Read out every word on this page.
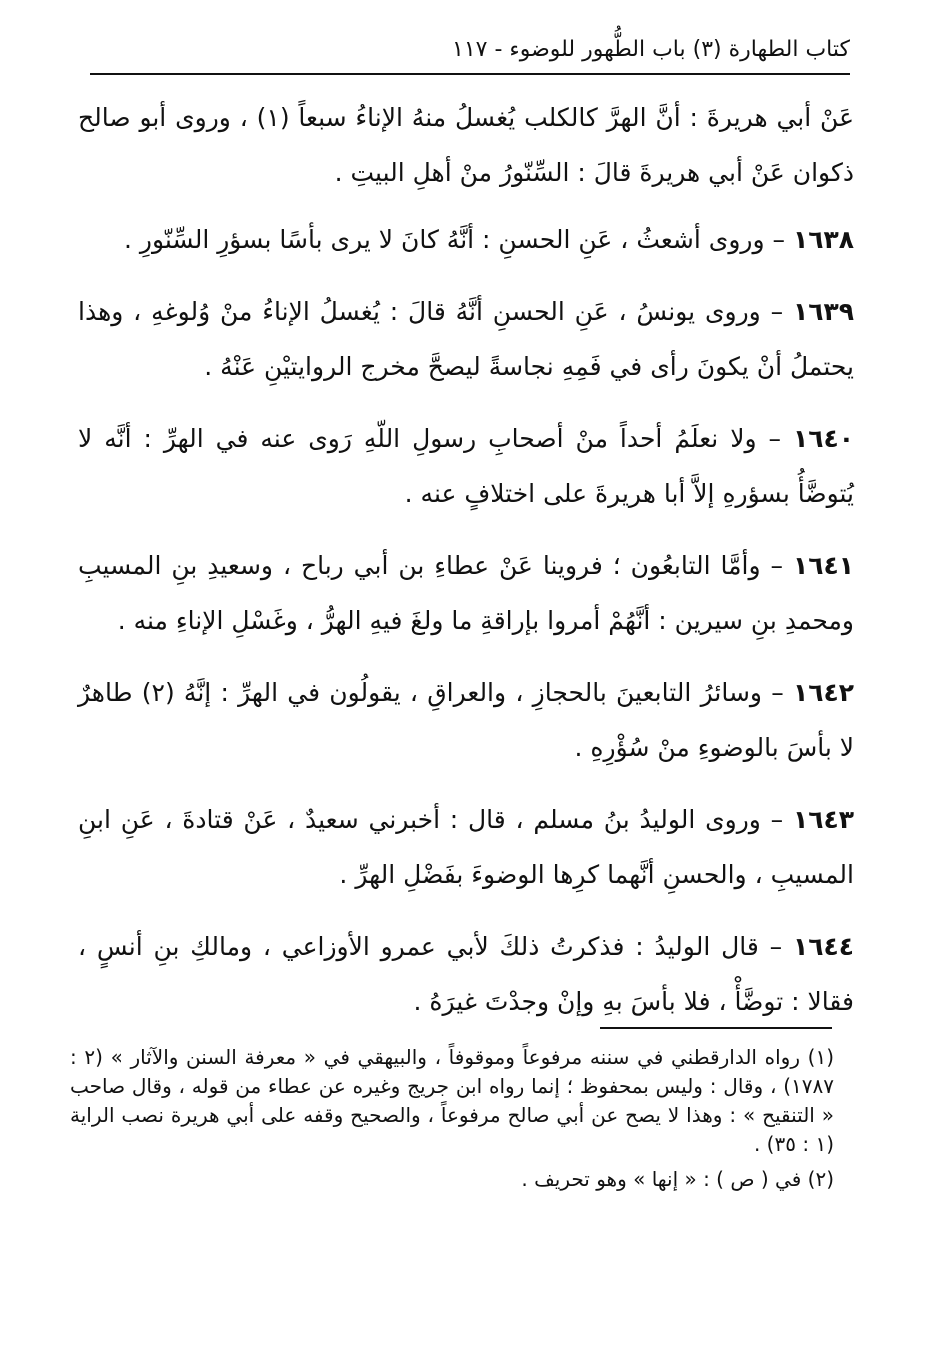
كتاب الطهارة (٣) باب الطُّهور للوضوء - ١١٧

عَنْ أبي هريرةَ : أنَّ الهرَّ كالكلب يُغسلُ منهُ الإناءُ سبعاً (١) ، وروى أبو صالح ذكوان عَنْ أبي هريرةَ قالَ : السِّنّورُ منْ أهلِ البيتِ .

١٦٣٨ – وروى أشعثُ ، عَنِ الحسنِ : أنَّهُ كانَ لا يرى بأسًا بسؤرِ السِّنّورِ .

١٦٣٩ – وروى يونسُ ، عَنِ الحسنِ أنَّهُ قالَ : يُغسلُ الإناءُ منْ وُلوغهِ ، وهذا يحتملُ أنْ يكونَ رأى في فَمِهِ نجاسةً ليصحَّ مخرج الروايتيْنِ عَنْهُ .

١٦٤٠ – ولا نعلَمُ أحداً منْ أصحابِ رسولِ اللّهِ رَوى عنه في الهرِّ : أنَّه لا يُتوضَّأُ بسؤرهِ إلاَّ أبا هريرةَ على اختلافٍ عنه .

١٦٤١ – وأمَّا التابعُون ؛ فروينا عَنْ عطاءِ بن أبي رباح ، وسعيدِ بنِ المسيبِ ومحمدِ بنِ سيرين : أنَّهُمْ أمروا بإراقةِ ما ولغَ فيهِ الهرُّ ، وغَسْلِ الإناءِ منه .

١٦٤٢ – وسائرُ التابعينَ بالحجازِ ، والعراقِ ، يقولُون في الهرِّ : إنَّهُ (٢) طاهرٌ لا بأسَ بالوضوءِ منْ سُؤْرِهِ .

١٦٤٣ – وروى الوليدُ بنُ مسلم ، قال : أخبرني سعيدٌ ، عَنْ قتادةَ ، عَنِ ابنِ المسيبِ ، والحسنِ أنَّهما كرِها الوضوءَ بفَضْلِ الهرِّ .

١٦٤٤ – قال الوليدُ : فذكرتُ ذلكَ لأبي عمرو الأوزاعي ، ومالكِ بنِ أنسٍ ، فقالا : توضَّأْ ، فلا بأسَ بهِ وإنْ وجدْتَ غيرَهُ .

(١) رواه الدارقطني في سننه مرفوعاً وموقوفاً ، والبيهقي في « معرفة السنن والآثار » (٢ : ١٧٨٧) ، وقال : وليس بمحفوظ ؛ إنما رواه ابن جريج وغيره عن عطاء من قوله ، وقال صاحب « التنقيح » : وهذا لا يصح عن أبي صالح مرفوعاً ، والصحيح وقفه على أبي هريرة نصب الراية (١ : ٣٥) .

(٢) في ( ص ) : « إنها » وهو تحريف .
